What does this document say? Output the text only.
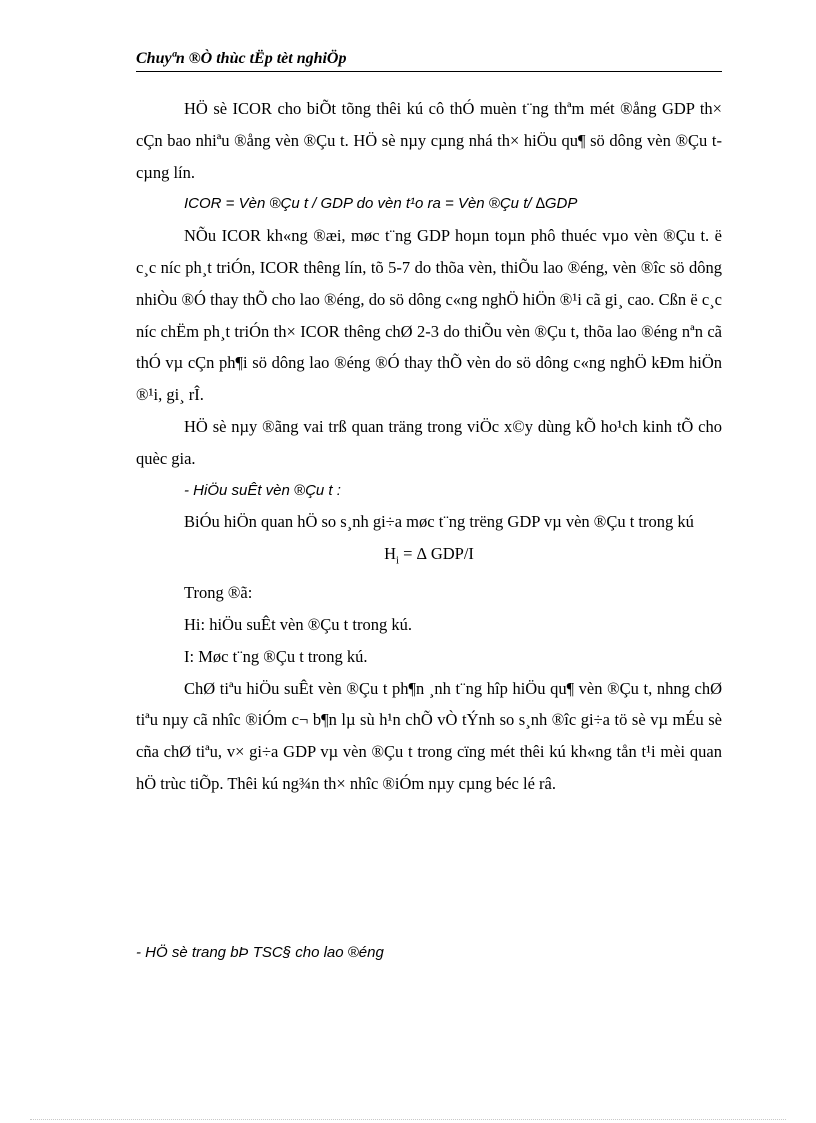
Chuyªn ®Ò thùc tËp tèt nghiÖp

HÖ sè ICOR cho biÕt tõng thêi kú cô thÓ muèn t¨ng thªm mét ®ång GDP th× cÇn bao nhiªu ®ång vèn ®Çu t. HÖ sè nµy cµng nhá th× hiÖu qu¶ sö dông vèn ®Çu t cµng lín.

ICOR = Vèn ®Çu t / GDP do vèn t¹o ra = Vèn ®Çu t/ ∆GDP

NÕu ICOR kh«ng ®æi, møc t¨ng GDP hoµn toµn phô thuéc vµo vèn ®Çu t. ë c¸c níc ph¸t triÓn, ICOR thêng lín, tõ 5-7 do thõa vèn, thiÕu lao ®éng, vèn ®îc sö dông nhiÒu ®Ó thay thÕ cho lao ®éng, do sö dông c«ng nghÖ hiÖn ®¹i cã gi¸ cao. Cßn ë c¸c níc chËm ph¸t triÓn th× ICOR thêng chØ 2-3 do thiÕu vèn ®Çu t, thõa lao ®éng nªn cã thÓ vµ cÇn ph¶i sö dông lao ®éng ®Ó thay thÕ vèn do sö dông c«ng nghÖ kÐm hiÖn ®¹i, gi¸ rÎ.

HÖ sè nµy ®ãng vai trß quan träng trong viÖc x©y dùng kÕ ho¹ch kinh tÕ cho quèc gia.

- HiÖu suÊt vèn ®Çu t :

BiÓu hiÖn quan hÖ so s¸nh gi÷a møc t¨ng trëng GDP vµ vèn ®Çu t trong kú

$H_i$ = ∆ GDP/I

Trong ®ã:

Hi: hiÖu suÊt vèn ®Çu t trong kú.

I: Møc t¨ng ®Çu t trong kú.

ChØ tiªu hiÖu suÊt vèn ®Çu t ph¶n ¸nh t¨ng hîp hiÖu qu¶ vèn ®Çu t, nhng chØ tiªu nµy cã nhîc ®iÓm c¬ b¶n lµ sù h¹n chÕ vÒ tÝnh so s¸nh ®îc gi÷a tö sè vµ mÉu sè cña chØ tiªu, v× gi÷a GDP vµ vèn ®Çu t trong cïng mét thêi kú kh«ng tån t¹i mèi quan hÖ trùc tiÕp. Thêi kú ng¾n th× nhîc ®iÓm nµy cµng béc lé râ.

- HÖ sè trang bÞ TSC§ cho lao ®éng
